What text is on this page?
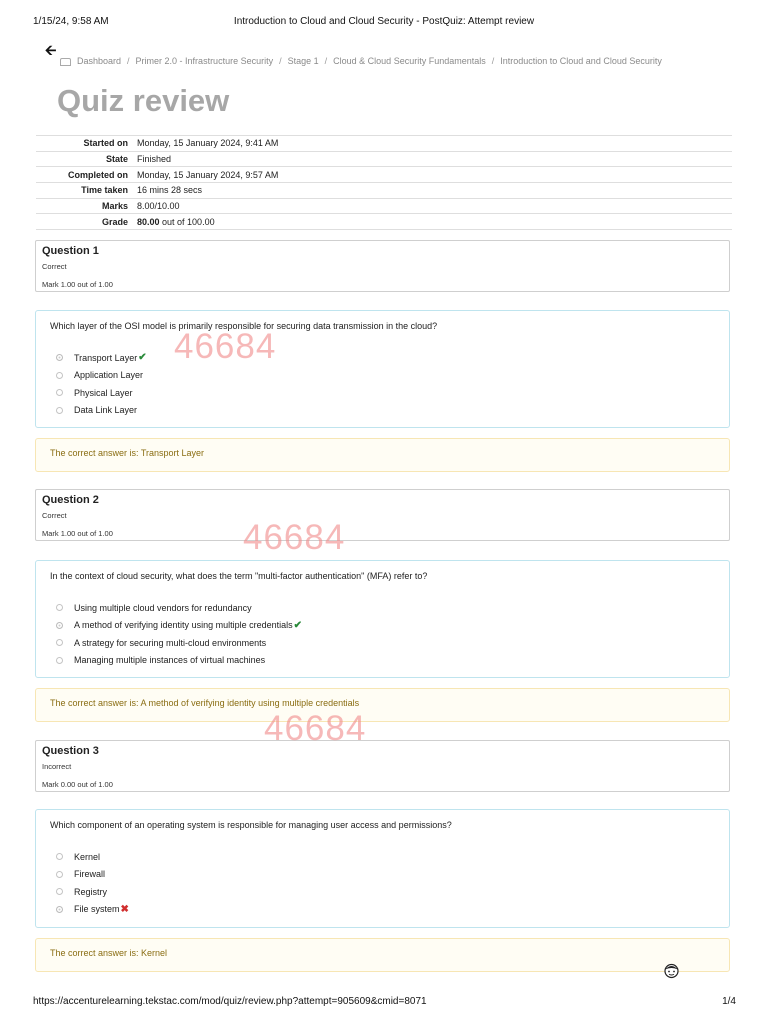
1/15/24, 9:58 AM	Introduction to Cloud and Cloud Security - PostQuiz: Attempt review
🡨
Dashboard / Primer 2.0 - Infrastructure Security / Stage 1 / Cloud & Cloud Security Fundamentals / Introduction to Cloud and Cloud Security
Quiz review
Started on	Monday, 15 January 2024, 9:41 AM
State	Finished
Completed on	Monday, 15 January 2024, 9:57 AM
Time taken	16 mins 28 secs
Marks	8.00/10.00
Grade	80.00 out of 100.00
Question 1
Correct
Mark 1.00 out of 1.00
Which layer of the OSI model is primarily responsible for securing data transmission in the cloud?
Transport Layer ✔
Application Layer
Physical Layer
Data Link Layer
The correct answer is: Transport Layer
Question 2
Correct
Mark 1.00 out of 1.00
In the context of cloud security, what does the term "multi-factor authentication" (MFA) refer to?
Using multiple cloud vendors for redundancy
A method of verifying identity using multiple credentials ✔
A strategy for securing multi-cloud environments
Managing multiple instances of virtual machines
The correct answer is: A method of verifying identity using multiple credentials
Question 3
Incorrect
Mark 0.00 out of 1.00
Which component of an operating system is responsible for managing user access and permissions?
Kernel
Firewall
Registry
File system ✖
The correct answer is: Kernel
46684
46684
46684
https://accenturelearning.tekstac.com/mod/quiz/review.php?attempt=905609&cmid=8071	1/4
